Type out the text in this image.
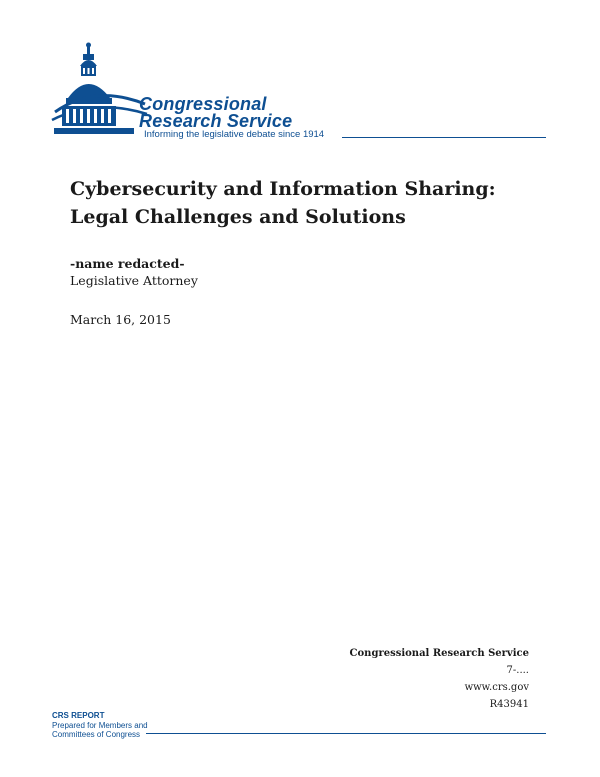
Congressional
Research Service
Informing the legislative debate since 1914
Cybersecurity and Information Sharing:
Legal Challenges and Solutions
-name redacted-
Legislative Attorney
March 16, 2015
Congressional Research Service
7-....
www.crs.gov
R43941
CRS REPORT
Prepared for Members and
Committees of Congress
